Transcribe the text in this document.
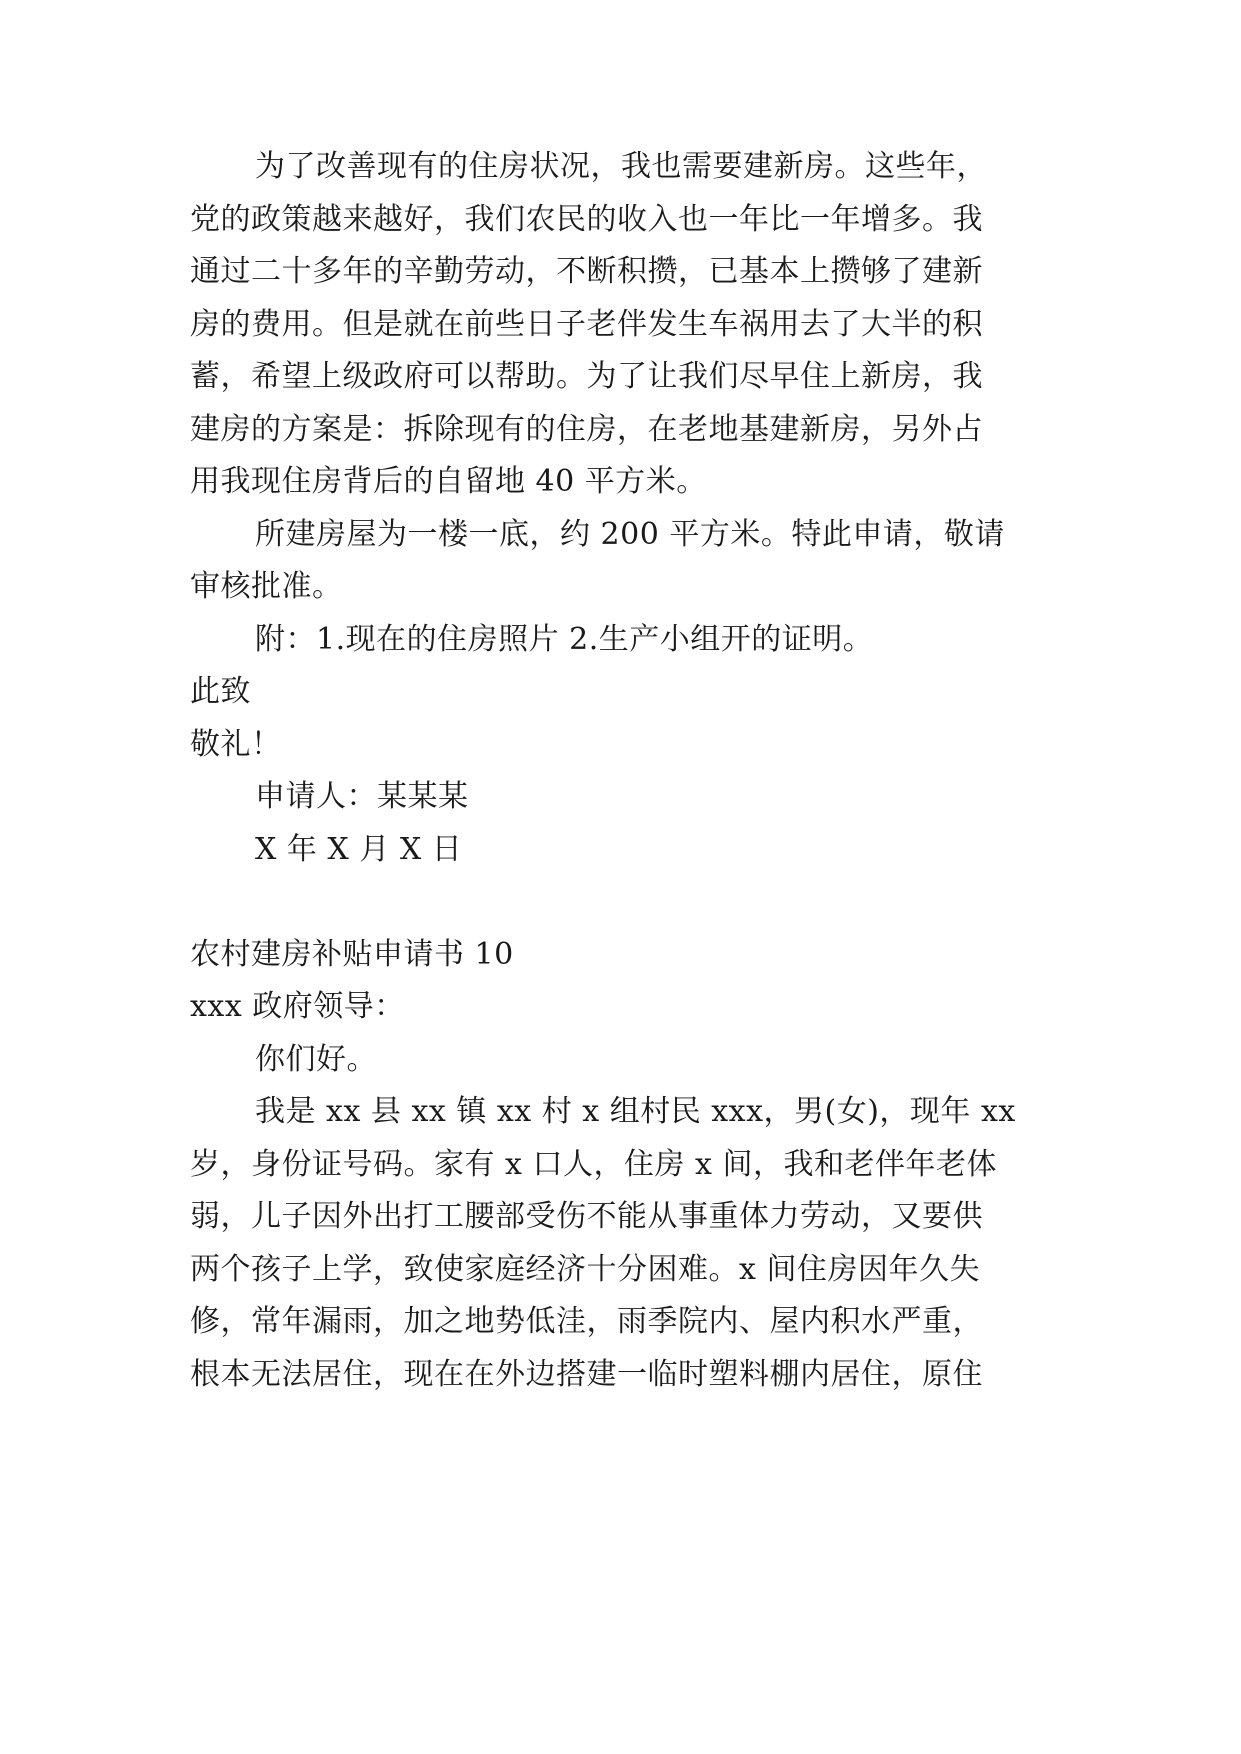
为了改善现有的住房状况，我也需要建新房。这些年，
党的政策越来越好，我们农民的收入也一年比一年增多。我
通过二十多年的辛勤劳动，不断积攒，已基本上攒够了建新
房的费用。但是就在前些日子老伴发生车祸用去了大半的积
蓄，希望上级政府可以帮助。为了让我们尽早住上新房，我
建房的方案是：拆除现有的住房，在老地基建新房，另外占
用我现住房背后的自留地 40 平方米。
所建房屋为一楼一底，约 200 平方米。特此申请，敬请
审核批准。
附：1.现在的住房照片 2.生产小组开的证明。
此致
敬礼！
申请人：某某某
X 年 X 月 X 日
农村建房补贴申请书 10
xxx 政府领导：
你们好。
我是 xx 县 xx 镇 xx 村 x 组村民 xxx，男(女)，现年 xx
岁，身份证号码。家有 x 口人，住房 x 间，我和老伴年老体
弱，儿子因外出打工腰部受伤不能从事重体力劳动，又要供
两个孩子上学，致使家庭经济十分困难。x 间住房因年久失
修，常年漏雨，加之地势低洼，雨季院内、屋内积水严重，
根本无法居住，现在在外边搭建一临时塑料棚内居住，原住
